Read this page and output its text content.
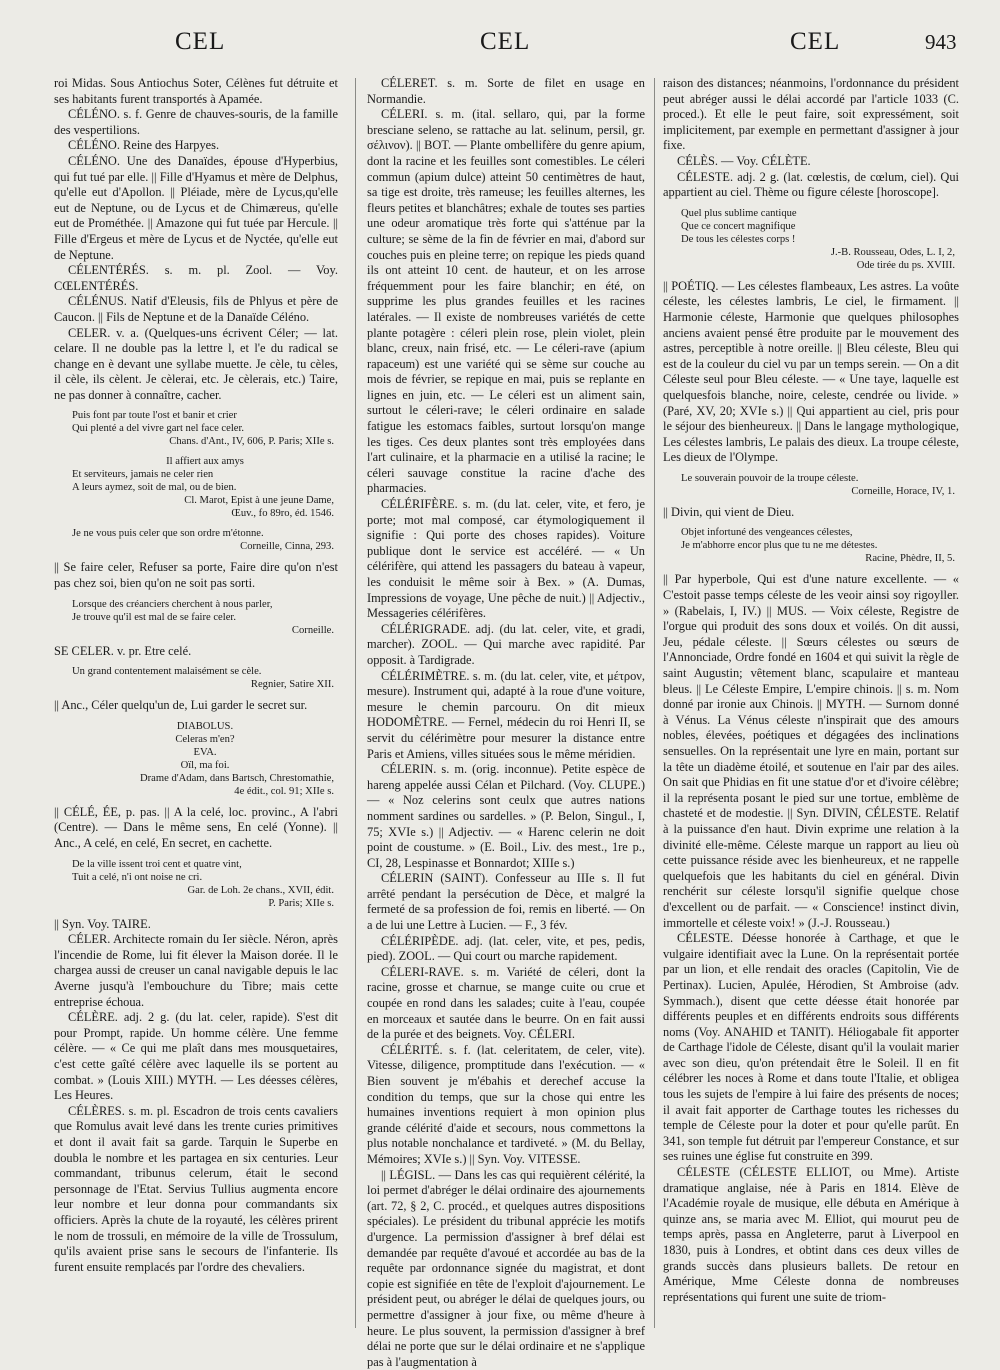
CEL	CEL	CEL	943

roi Midas. Sous Antiochus Soter, Célènes fut détruite et ses habitants furent transportés à Apamée.

CÉLÉNO. s. f. Genre de chauves-souris, de la famille des vespertilions.

CÉLÉNO. Reine des Harpyes.

CÉLÉNO. Une des Danaïdes, épouse d'Hyperbius, qui fut tué par elle. || Fille d'Hyamus et mère de Delphus, qu'elle eut d'Apollon. || Pléiade, mère de Lycus,qu'elle eut de Neptune, ou de Lycus et de Chimæreus, qu'elle eut de Prométhée. || Amazone qui fut tuée par Hercule. || Fille d'Ergeus et mère de Lycus et de Nyctée, qu'elle eut de Neptune.

CÉLENTÉRÉS. s. m. pl. Zool. — Voy. CŒLENTÉRÉS.

CÉLÉNUS. Natif d'Eleusis, fils de Phlyus et père de Caucon. || Fils de Neptune et de la Danaïde Céléno.

CELER. v. a. (Quelques-uns écrivent Céler; — lat. celare. Il ne double pas la lettre l, et l'e du radical se change en è devant une syllabe muette. Je cèle, tu cèles, il cèle, ils cèlent. Je cèlerai, etc. Je cèlerais, etc.) Taire, ne pas donner à connaître, cacher.

Puis font par toute l'ost et banir et crier
Qui plenté a del vivre gart nel face celer.
Chans. d'Ant., IV, 606, P. Paris; XIIe s.
Il affiert aux amys
Et serviteurs, jamais ne celer rien
A leurs aymez, soit de mal, ou de bien.
Cl. Marot, Epist à une jeune Dame,
Œuv., fo 89ro, éd. 1546.
Je ne vous puis celer que son ordre m'étonne.
Corneille, Cinna, 293.

|| Se faire celer, Refuser sa porte, Faire dire qu'on n'est pas chez soi, bien qu'on ne soit pas sorti.

Lorsque des créanciers cherchent à nous parler,
Je trouve qu'il est mal de se faire celer.
Corneille.

SE CELER. v. pr. Etre celé.

Un grand contentement malaisément se cèle.
Regnier, Satire XII.

|| Anc., Céler quelqu'un de, Lui garder le secret sur.

DIABOLUS.
Celeras m'en?
EVA.
Oïl, ma foi.
Drame d'Adam, dans Bartsch, Chrestomathie,
4e édit., col. 91; XIIe s.

|| CÉLÉ, ÉE, p. pas. || A la celé, loc. provinc., A l'abri (Centre). — Dans le même sens, En celé (Yonne). || Anc., A celé, en celé, En secret, en cachette.

De la ville issent troi cent et quatre vint,
Tuit a celé, n'i ont noise ne cri.
Gar. de Loh. 2e chans., XVII, édit.
P. Paris; XIIe s.

|| Syn. Voy. TAIRE.

CÉLER. Architecte romain du Ier siècle. Néron, après l'incendie de Rome, lui fit élever la Maison dorée. Il le chargea aussi de creuser un canal navigable depuis le lac Averne jusqu'à l'embouchure du Tibre; mais cette entreprise échoua.

CÉLÈRE. adj. 2 g. (du lat. celer, rapide). S'est dit pour Prompt, rapide. Un homme célère. Une femme célère. — « Ce qui me plaît dans mes mousquetaires, c'est cette gaîté célère avec laquelle ils se portent au combat. » (Louis XIII.) MYTH. — Les déesses célères, Les Heures.

CÉLÈRES. s. m. pl. Escadron de trois cents cavaliers que Romulus avait levé dans les trente curies primitives et dont il avait fait sa garde. Tarquin le Superbe en doubla le nombre et les partagea en six centuries. Leur commandant, tribunus celerum, était le second personnage de l'Etat. Servius Tullius augmenta encore leur nombre et leur donna pour commandants six officiers. Après la chute de la royauté, les célères prirent le nom de trossuli, en mémoire de la ville de Trossulum, qu'ils avaient prise sans le secours de l'infanterie. Ils furent ensuite remplacés par l'ordre des chevaliers.

CÉLERET. s. m. Sorte de filet en usage en Normandie.

CÉLERI. s. m. (ital. sellaro, qui, par la forme bresciane seleno, se rattache au lat. selinum, persil, gr. σέλινον). || BOT. — Plante ombellifère du genre apium, dont la racine et les feuilles sont comestibles. Le céleri commun (apium dulce) atteint 50 centimètres de haut, sa tige est droite, très rameuse; les feuilles alternes, les fleurs petites et blanchâtres; exhale de toutes ses parties une odeur aromatique très forte qui s'atténue par la culture; se sème de la fin de février en mai, d'abord sur couches puis en pleine terre; on repique les pieds quand ils ont atteint 10 cent. de hauteur, et on les arrose fréquemment pour les faire blanchir; en été, on supprime les plus grandes feuilles et les racines latérales. — Il existe de nombreuses variétés de cette plante potagère : céleri plein rose, plein violet, plein blanc, creux, nain frisé, etc. — Le céleri-rave (apium rapaceum) est une variété qui se sème sur couche au mois de février, se repique en mai, puis se replante en lignes en juin, etc. — Le céleri est un aliment sain, surtout le céleri-rave; le céleri ordinaire en salade fatigue les estomacs faibles, surtout lorsqu'on mange les tiges. Ces deux plantes sont très employées dans l'art culinaire, et la pharmacie en a utilisé la racine; le céleri sauvage constitue la racine d'ache des pharmacies.

CÉLÉRIFÈRE. s. m. (du lat. celer, vite, et fero, je porte; mot mal composé, car étymologiquement il signifie : Qui porte des choses rapides). Voiture publique dont le service est accéléré. — « Un célérifère, qui attend les passagers du bateau à vapeur, les conduisit le même soir à Bex. » (A. Dumas, Impressions de voyage, Une pêche de nuit.) || Adjectiv., Messageries célérifères.

CÉLÉRIGRADE. adj. (du lat. celer, vite, et gradi, marcher). ZOOL. — Qui marche avec rapidité. Par opposit. à Tardigrade.

CÉLÉRIMÈTRE. s. m. (du lat. celer, vite, et μέτρον, mesure). Instrument qui, adapté à la roue d'une voiture, mesure le chemin parcouru. On dit mieux HODOMÈTRE. — Fernel, médecin du roi Henri II, se servit du célérimètre pour mesurer la distance entre Paris et Amiens, villes situées sous le même méridien.

CÉLERIN. s. m. (orig. inconnue). Petite espèce de hareng appelée aussi Célan et Pilchard. (Voy. CLUPE.) — « Noz celerins sont ceulx que autres nations nomment sardines ou sardelles. » (P. Belon, Singul., I, 75; XVIe s.) || Adjectiv. — « Harenc celerin ne doit point de coustume. » (E. Boil., Liv. des mest., 1re p., CI, 28, Lespinasse et Bonnardot; XIIIe s.)

CÉLERIN (SAINT). Confesseur au IIIe s. Il fut arrêté pendant la persécution de Dèce, et malgré la fermeté de sa profession de foi, remis en liberté. — On a de lui une Lettre à Lucien. — F., 3 fév.

CÉLÉRIPÈDE. adj. (lat. celer, vite, et pes, pedis, pied). ZOOL. — Qui court ou marche rapidement.

CÉLERI-RAVE. s. m. Variété de céleri, dont la racine, grosse et charnue, se mange cuite ou crue et coupée en rond dans les salades; cuite à l'eau, coupée en morceaux et sautée dans le beurre. On en fait aussi de la purée et des beignets. Voy. CÉLERI.

CÉLÉRITÉ. s. f. (lat. celeritatem, de celer, vite). Vitesse, diligence, promptitude dans l'exécution. — « Bien souvent je m'ébahis et derechef accuse la condition du temps, que sur la chose qui entre les humaines inventions requiert à mon opinion plus grande célérité d'aide et secours, nous commettons la plus notable nonchalance et tardiveté. » (M. du Bellay, Mémoires; XVIe s.) || Syn. Voy. VITESSE.

|| LÉGISL. — Dans les cas qui requièrent célérité, la loi permet d'abréger le délai ordinaire des ajournements (art. 72, § 2, C. procéd., et quelques autres dispositions spéciales). Le président du tribunal apprécie les motifs d'urgence. La permission d'assigner à bref délai est demandée par requête d'avoué et accordée au bas de la requête par ordonnance signée du magistrat, et dont copie est signifiée en tête de l'exploit d'ajournement. Le président peut, ou abréger le délai de quelques jours, ou permettre d'assigner à jour fixe, ou même d'heure à heure. Le plus souvent, la permission d'assigner à bref délai ne porte que sur le délai ordinaire et ne s'applique pas à l'augmentation à

raison des distances; néanmoins, l'ordonnance du président peut abréger aussi le délai accordé par l'article 1033 (C. proced.). Et elle le peut faire, soit expressément, soit implicitement, par exemple en permettant d'assigner à jour fixe.

CÉLÈS. — Voy. CÉLÈTE.

CÉLESTE. adj. 2 g. (lat. cœlestis, de cœlum, ciel). Qui appartient au ciel. Thème ou figure céleste [horoscope].

Quel plus sublime cantique
Que ce concert magnifique
De tous les célestes corps !
J.-B. Rousseau, Odes, L. I, 2,
Ode tirée du ps. XVIII.

|| POÉTIQ. — Les célestes flambeaux, Les astres. La voûte céleste, les célestes lambris, Le ciel, le firmament. || Harmonie céleste, Harmonie que quelques philosophes anciens avaient pensé être produite par le mouvement des astres, perceptible à notre oreille. || Bleu céleste, Bleu qui est de la couleur du ciel vu par un temps serein. — On a dit Céleste seul pour Bleu céleste. — « Une taye, laquelle est quelquesfois blanche, noire, celeste, cendrée ou livide. » (Paré, XV, 20; XVIe s.) || Qui appartient au ciel, pris pour le séjour des bienheureux. || Dans le langage mythologique, Les célestes lambris, Le palais des dieux. La troupe céleste, Les dieux de l'Olympe.

Le souverain pouvoir de la troupe céleste.
Corneille, Horace, IV, 1.

|| Divin, qui vient de Dieu.

Objet infortuné des vengeances célestes,
Je m'abhorre encor plus que tu ne me détestes.
Racine, Phèdre, II, 5.

|| Par hyperbole, Qui est d'une nature excellente. — « C'estoit passe temps céleste de les veoir ainsi soy rigoyller. » (Rabelais, I, IV.) || MUS. — Voix céleste, Registre de l'orgue qui produit des sons doux et voilés. On dit aussi, Jeu, pédale céleste. || Sœurs célestes ou sœurs de l'Annonciade, Ordre fondé en 1604 et qui suivit la règle de saint Augustin; vêtement blanc, scapulaire et manteau bleus. || Le Céleste Empire, L'empire chinois. || s. m. Nom donné par ironie aux Chinois. || MYTH. — Surnom donné à Vénus. La Vénus céleste n'inspirait que des amours nobles, élevées, poétiques et dégagées des inclinations sensuelles. On la représentait une lyre en main, portant sur la tête un diadème étoilé, et soutenue en l'air par des ailes. On sait que Phidias en fit une statue d'or et d'ivoire célèbre; il la représenta posant le pied sur une tortue, emblème de chasteté et de modestie. || Syn. DIVIN, CÉLESTE. Relatif à la puissance d'en haut. Divin exprime une relation à la divinité elle-même. Céleste marque un rapport au lieu où cette puissance réside avec les bienheureux, et ne rappelle quelquefois que les habitants du ciel en général. Divin renchérit sur céleste lorsqu'il signifie quelque chose d'excellent ou de parfait. — « Conscience! instinct divin, immortelle et céleste voix! » (J.-J. Rousseau.)

CÉLESTE. Déesse honorée à Carthage, et que le vulgaire identifiait avec la Lune. On la représentait portée par un lion, et elle rendait des oracles (Capitolin, Vie de Pertinax). Lucien, Apulée, Hérodien, St Ambroise (adv. Symmach.), disent que cette déesse était honorée par différents peuples et en différents endroits sous différents noms (Voy. ANAHID et TANIT). Héliogabale fit apporter de Carthage l'idole de Céleste, disant qu'il la voulait marier avec son dieu, qu'on prétendait être le Soleil. Il en fit célébrer les noces à Rome et dans toute l'Italie, et obligea tous les sujets de l'empire à lui faire des présents de noces; il avait fait apporter de Carthage toutes les richesses du temple de Céleste pour la doter et pour qu'elle parût. En 341, son temple fut détruit par l'empereur Constance, et sur ses ruines une église fut construite en 399.

CÉLESTE (CÉLESTE ELLIOT, ou Mme). Artiste dramatique anglaise, née à Paris en 1814. Elève de l'Académie royale de musique, elle débuta en Amérique à quinze ans, se maria avec M. Elliot, qui mourut peu de temps après, passa en Angleterre, parut à Liverpool en 1830, puis à Londres, et obtint dans ces deux villes de grands succès dans plusieurs ballets. De retour en Amérique, Mme Céleste donna de nombreuses représentations qui furent une suite de triom-
